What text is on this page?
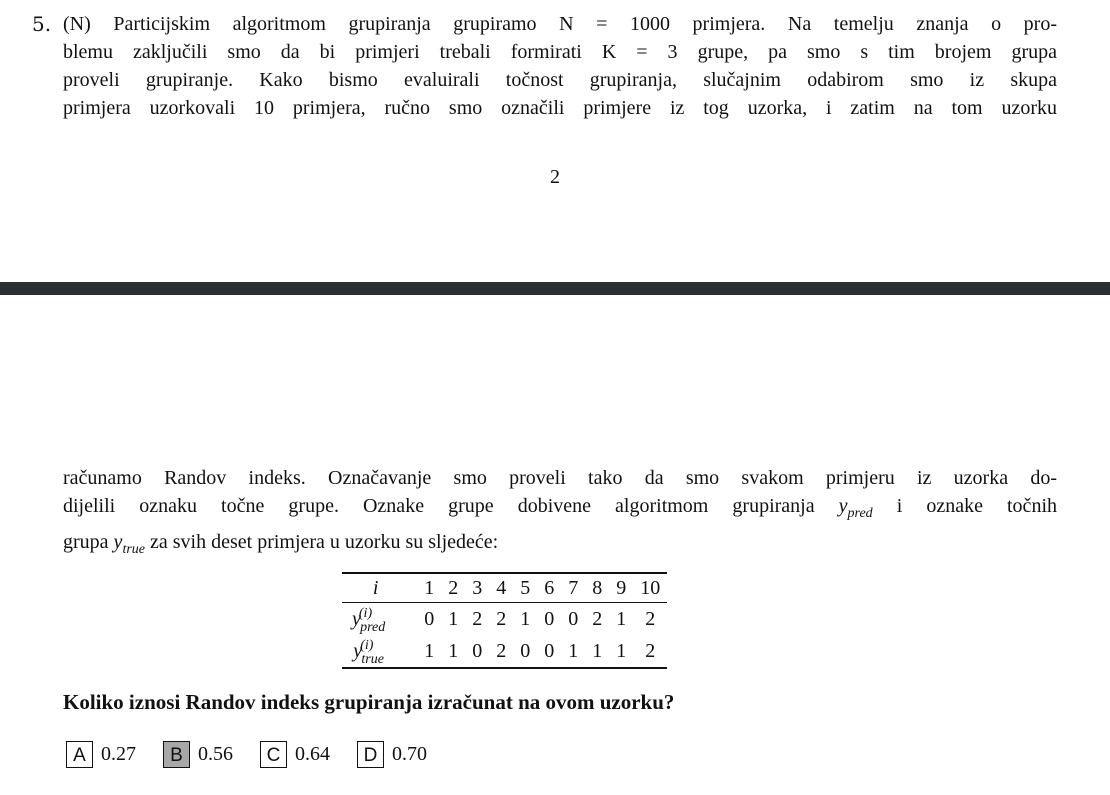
5. (N) Particijskim algoritmom grupiranja grupiramo N = 1000 primjera. Na temelju znanja o pro-
blemu zaključili smo da bi primjeri trebali formirati K = 3 grupe, pa smo s tim brojem grupa
proveli grupiranje. Kako bismo evaluirali točnost grupiranja, slučajnim odabirom smo iz skupa
primjera uzorkovali 10 primjera, ručno smo označili primjere iz tog uzorka, i zatim na tom uzorku
2
računamo Randov indeks. Označavanje smo proveli tako da smo svakom primjeru iz uzorka do-
dijelili oznaku točne grupe. Oznake grupe dobivene algoritmom grupiranja $y_{pred}$ i oznake točnih
grupa $y_{true}$ za svih deset primjera u uzorku su sljedeće:
i	1	2	3	4	5	6	7	8	9	10
$y^{(i)}_{pred}$	0	1	2	2	1	0	0	2	1	2
$y^{(i)}_{true}$	1	1	0	2	0	0	1	1	1	2
Koliko iznosi Randov indeks grupiranja izračunat na ovom uzorku?
A 0.27	B 0.56	C 0.64	D 0.70
